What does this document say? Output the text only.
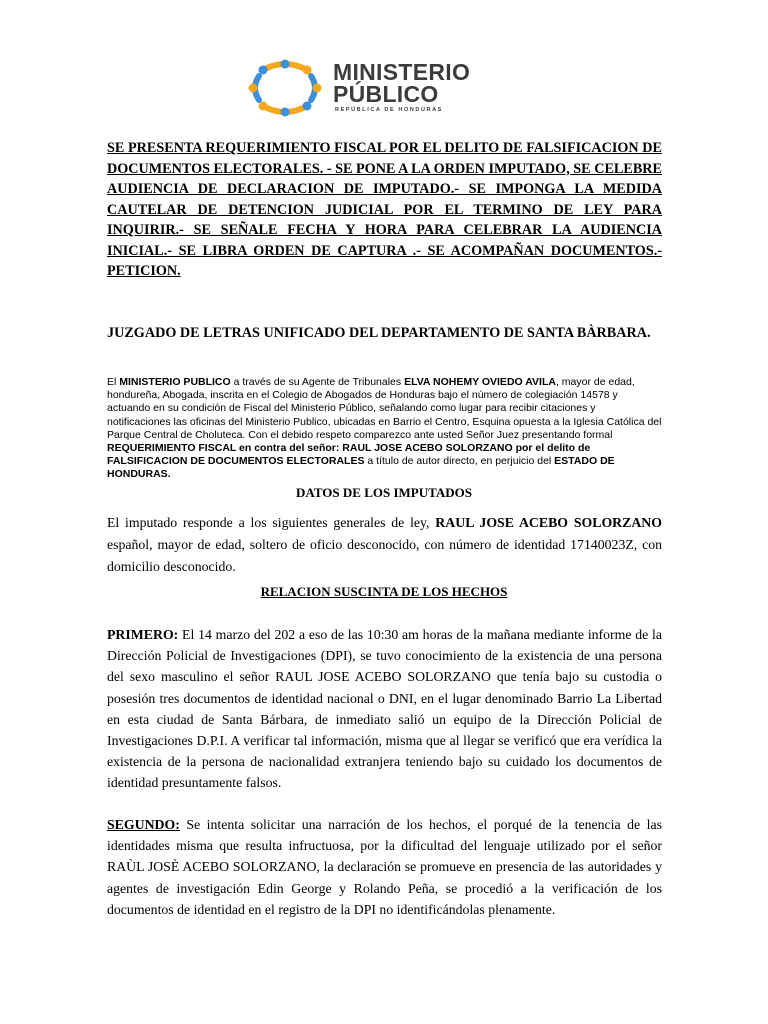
MINISTERIO
PÚBLICO
REPÚBLICA DE HONDURAS
SE PRESENTA REQUERIMIENTO FISCAL POR EL DELITO DE FALSIFICACION DE DOCUMENTOS ELECTORALES. - SE PONE A LA ORDEN IMPUTADO, SE CELEBRE AUDIENCIA DE DECLARACION DE IMPUTADO.- SE IMPONGA LA MEDIDA CAUTELAR DE DETENCION JUDICIAL POR EL TERMINO DE LEY PARA INQUIRIR.- SE SEÑALE FECHA Y HORA PARA CELEBRAR LA AUDIENCIA INICIAL.- SE LIBRA ORDEN DE CAPTURA .- SE ACOMPAÑAN DOCUMENTOS.- PETICION.
JUZGADO DE LETRAS UNIFICADO DEL DEPARTAMENTO DE SANTA BÀRBARA.
El MINISTERIO PUBLICO a través de su Agente de Tribunales ELVA NOHEMY OVIEDO AVILA, mayor de edad, hondureña, Abogada, inscrita en el Colegio de Abogados de Honduras bajo el número de colegiación 14578 y actuando en su condición de Fiscal del Ministerio Público, señalando como lugar para recibir citaciones y notificaciones las oficinas del Ministerio Publico, ubicadas en Barrio el Centro, Esquina opuesta a la Iglesia Católica del Parque Central de Choluteca. Con el debido respeto comparezco ante usted Señor Juez presentando formal REQUERIMIENTO FISCAL en contra del señor: RAUL JOSE ACEBO SOLORZANO por el delito de FALSIFICACION DE DOCUMENTOS ELECTORALES a título de autor directo, en perjuicio del ESTADO DE HONDURAS.
DATOS DE LOS IMPUTADOS
El imputado responde a los siguientes generales de ley, RAUL JOSE ACEBO SOLORZANO español, mayor de edad, soltero de oficio desconocido, con número de identidad 17140023Z, con domicilio desconocido.
RELACION SUSCINTA DE LOS HECHOS
PRIMERO: El 14 marzo del 202 a eso de las 10:30 am horas de la mañana mediante informe de la Dirección Policial de Investigaciones (DPI), se tuvo conocimiento de la existencia de una persona del sexo masculino el señor RAUL JOSE ACEBO SOLORZANO que tenía bajo su custodia o posesión tres documentos de identidad nacional o DNI, en el lugar denominado Barrio La Libertad en esta ciudad de Santa Bárbara, de inmediato salió un equipo de la Dirección Policial de Investigaciones D.P.I. A verificar tal información, misma que al llegar se verificó que era verídica la existencia de la persona de nacionalidad extranjera teniendo bajo su cuidado los documentos de identidad presuntamente falsos.
SEGUNDO: Se intenta solicitar una narración de los hechos, el porqué de la tenencia de las identidades misma que resulta infructuosa, por la dificultad del lenguaje utilizado por el señor RAÙL JOSÈ ACEBO SOLORZANO, la declaración se promueve en presencia de las autoridades y agentes de investigación Edin George y Rolando Peña, se procedió a la verificación de los documentos de identidad en el registro de la DPI no identificándolas plenamente.
